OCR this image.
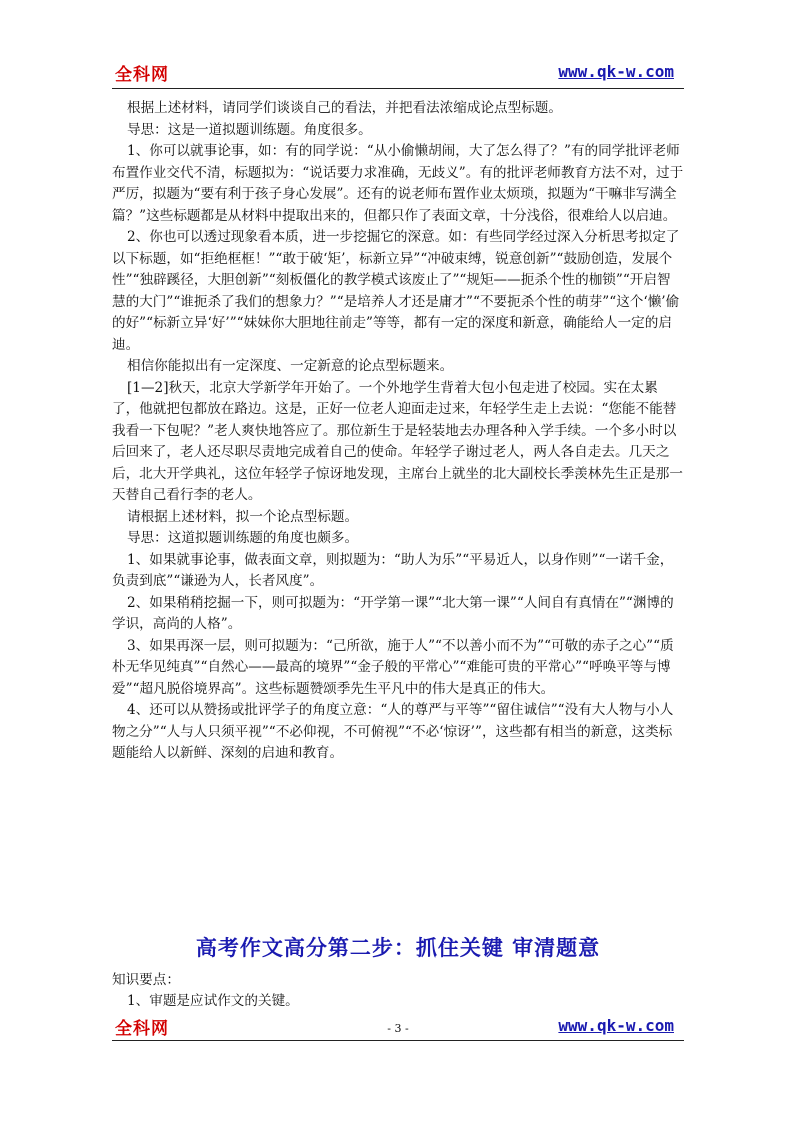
全科网	www.qk-w.com

根据上述材料，请同学们谈谈自己的看法，并把看法浓缩成论点型标题。

导思：这是一道拟题训练题。角度很多。

1、你可以就事论事，如：有的同学说：“从小偷懒胡闹，大了怎么得了？”有的同学批评老师布置作业交代不清，标题拟为：“说话要力求准确，无歧义”。有的批评老师教育方法不对，过于严厉，拟题为“要有利于孩子身心发展”。还有的说老师布置作业太烦琐，拟题为“干嘛非写满全篇？”这些标题都是从材料中提取出来的，但都只作了表面文章，十分浅俗，很难给人以启迪。

2、你也可以透过现象看本质，进一步挖掘它的深意。如：有些同学经过深入分析思考拟定了以下标题，如“拒绝框框！”“敢于破‘矩’，标新立异”“冲破束缚，锐意创新”“鼓励创造，发展个性”“独辟蹊径，大胆创新”“刻板僵化的教学模式该废止了”“规矩——扼杀个性的枷锁”“开启智慧的大门”“谁扼杀了我们的想象力？”“是培养人才还是庸才”“不要扼杀个性的萌芽”“这个‘懒’偷的好”“标新立异‘好’”“妹妹你大胆地往前走”等等，都有一定的深度和新意，确能给人一定的启迪。

相信你能拟出有一定深度、一定新意的论点型标题来。

[1—2]秋天，北京大学新学年开始了。一个外地学生背着大包小包走进了校园。实在太累了，他就把包都放在路边。这是，正好一位老人迎面走过来，年轻学生走上去说：“您能不能替我看一下包呢？”老人爽快地答应了。那位新生于是轻装地去办理各种入学手续。一个多小时以后回来了，老人还尽职尽责地完成着自己的使命。年轻学子谢过老人，两人各自走去。几天之后，北大开学典礼，这位年轻学子惊讶地发现，主席台上就坐的北大副校长季羡林先生正是那一天替自己看行李的老人。

请根据上述材料，拟一个论点型标题。

导思：这道拟题训练题的角度也颇多。

1、如果就事论事，做表面文章，则拟题为：“助人为乐”“平易近人，以身作则”“一诺千金，负责到底”“谦逊为人，长者风度”。

2、如果稍稍挖掘一下，则可拟题为：“开学第一课”“北大第一课”“人间自有真情在”“渊博的学识，高尚的人格”。

3、如果再深一层，则可拟题为：“己所欲，施于人”“不以善小而不为”“可敬的赤子之心”“质朴无华见纯真”“自然心——最高的境界”“金子般的平常心”“难能可贵的平常心”“呼唤平等与博爱”“超凡脱俗境界高”。这些标题赞颂季先生平凡中的伟大是真正的伟大。

4、还可以从赞扬或批评学子的角度立意：“人的尊严与平等”“留住诚信”“没有大人物与小人物之分”“人与人只须平视”“不必仰视，不可俯视”“不必‘惊讶’”，这些都有相当的新意，这类标题能给人以新鲜、深刻的启迪和教育。

高考作文高分第二步：抓住关键 审清题意

知识要点：

1、审题是应试作文的关键。

全科网	- 3 -	www.qk-w.com
